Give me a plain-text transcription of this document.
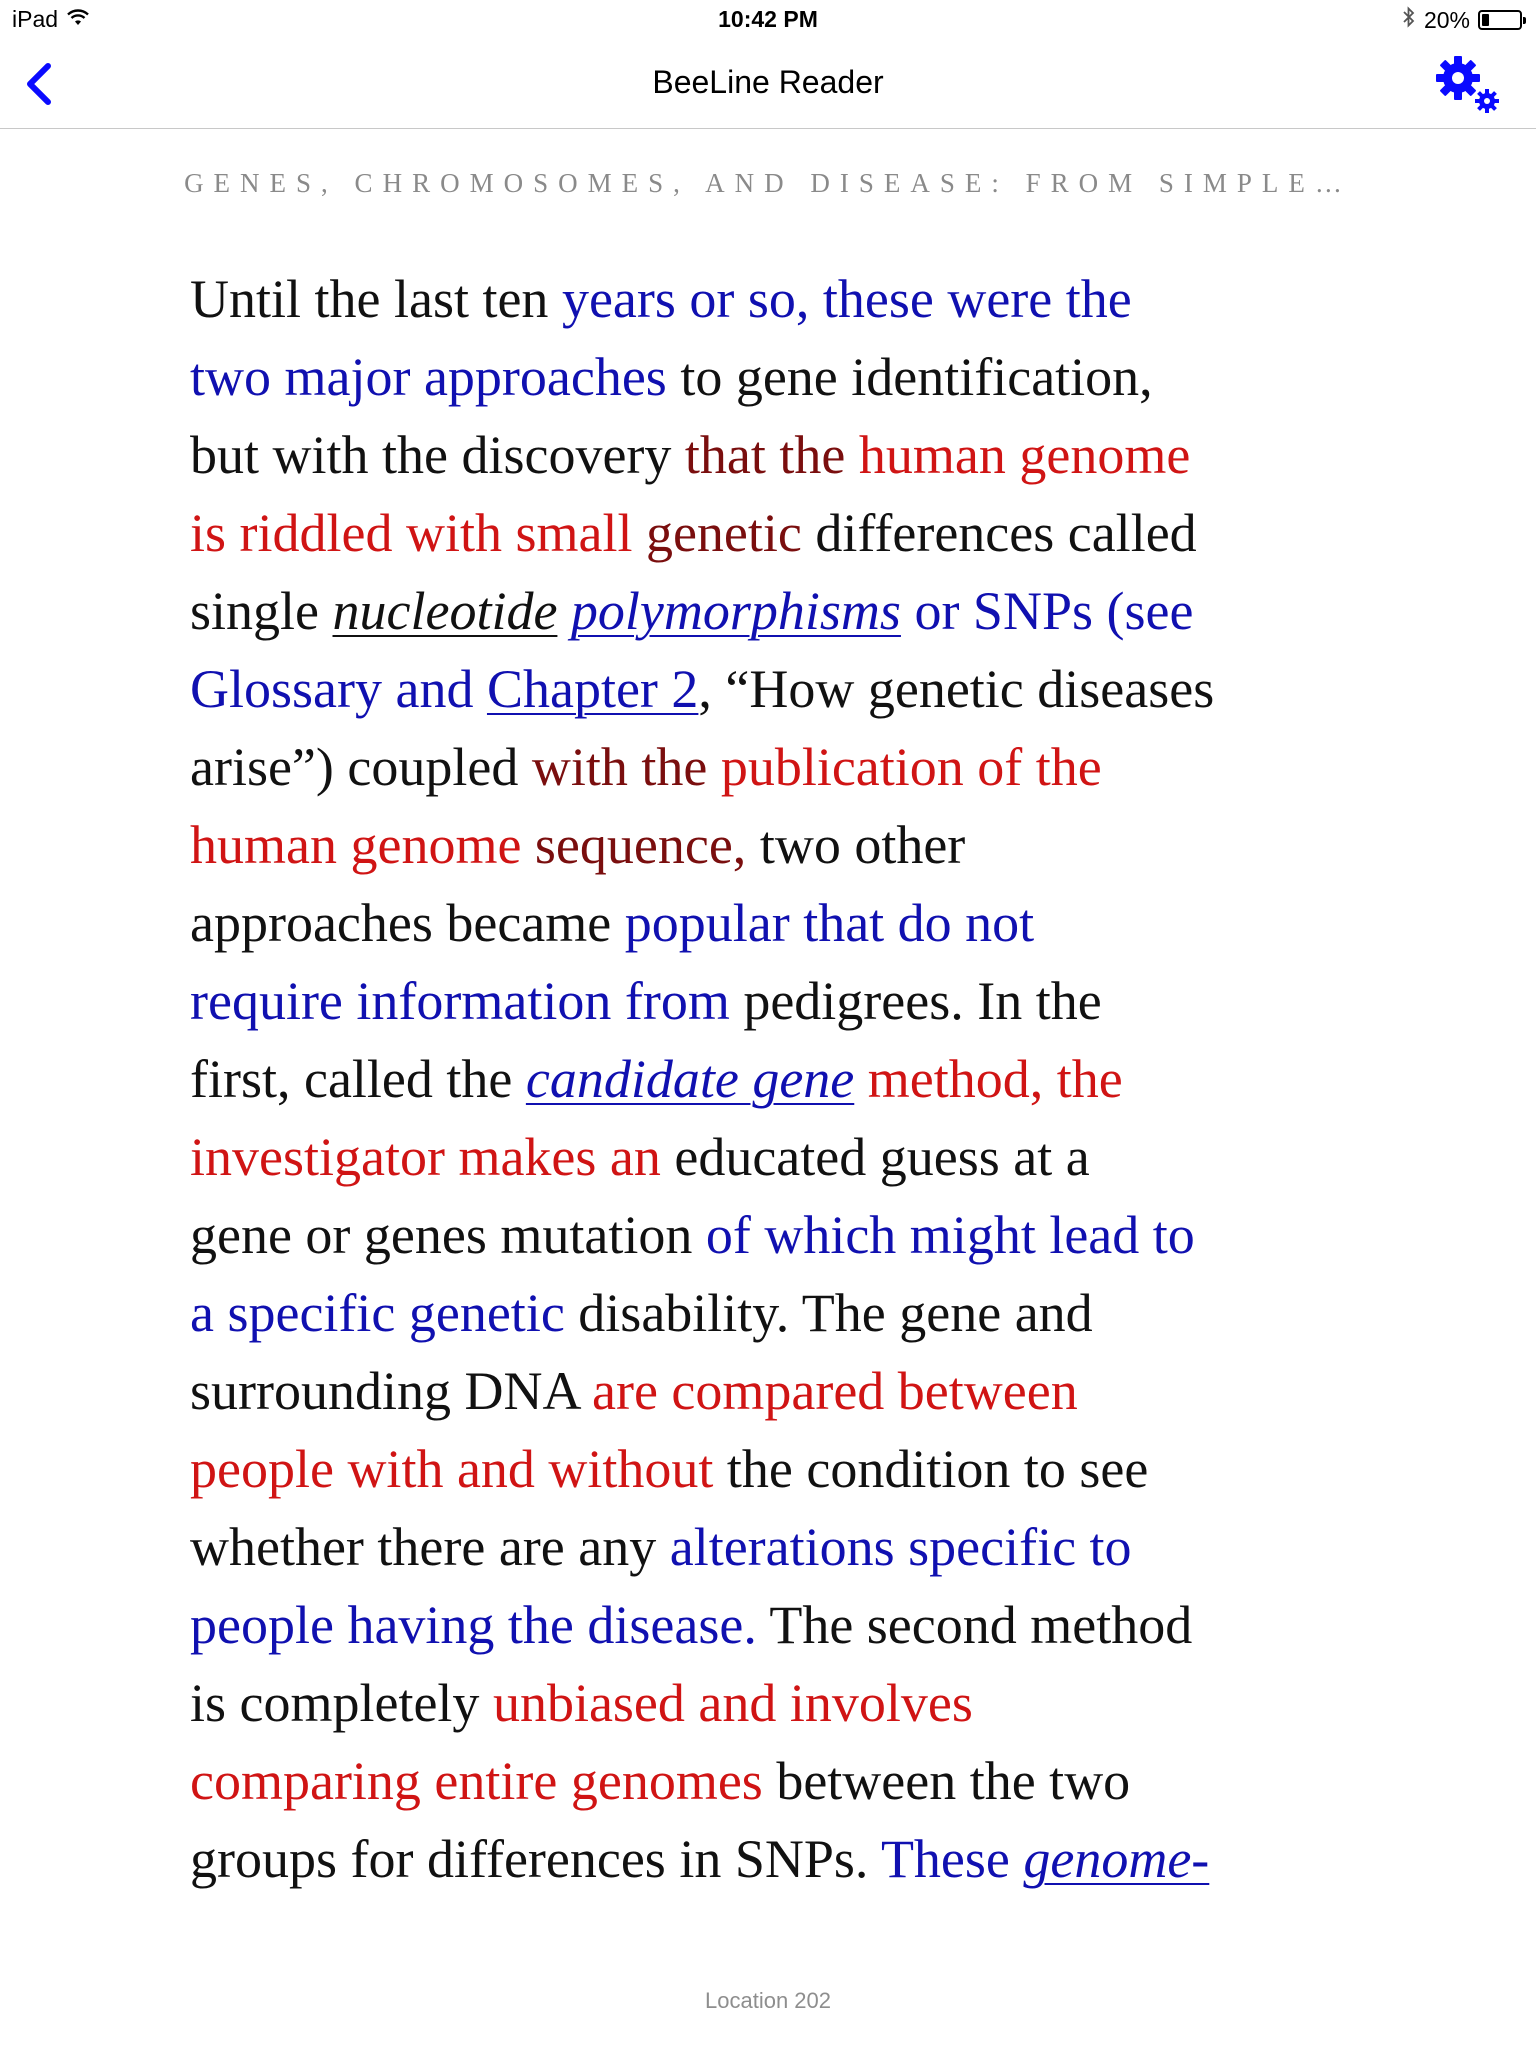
iPad	10:42 PM	20%
BeeLine Reader
GENES, CHROMOSOMES, AND DISEASE: FROM SIMPLE…
Until the last ten years or so, these were the
two major approaches to gene identification,
but with the discovery that the human genome
is riddled with small genetic differences called
single nucleotide polymorphisms or SNPs (see
Glossary and Chapter 2, “How genetic diseases
arise”) coupled with the publication of the
human genome sequence, two other
approaches became popular that do not
require information from pedigrees. In the
first, called the candidate gene method, the
investigator makes an educated guess at a
gene or genes mutation of which might lead to
a specific genetic disability. The gene and
surrounding DNA are compared between
people with and without the condition to see
whether there are any alterations specific to
people having the disease. The second method
is completely unbiased and involves
comparing entire genomes between the two
groups for differences in SNPs. These genome-
Location 202
